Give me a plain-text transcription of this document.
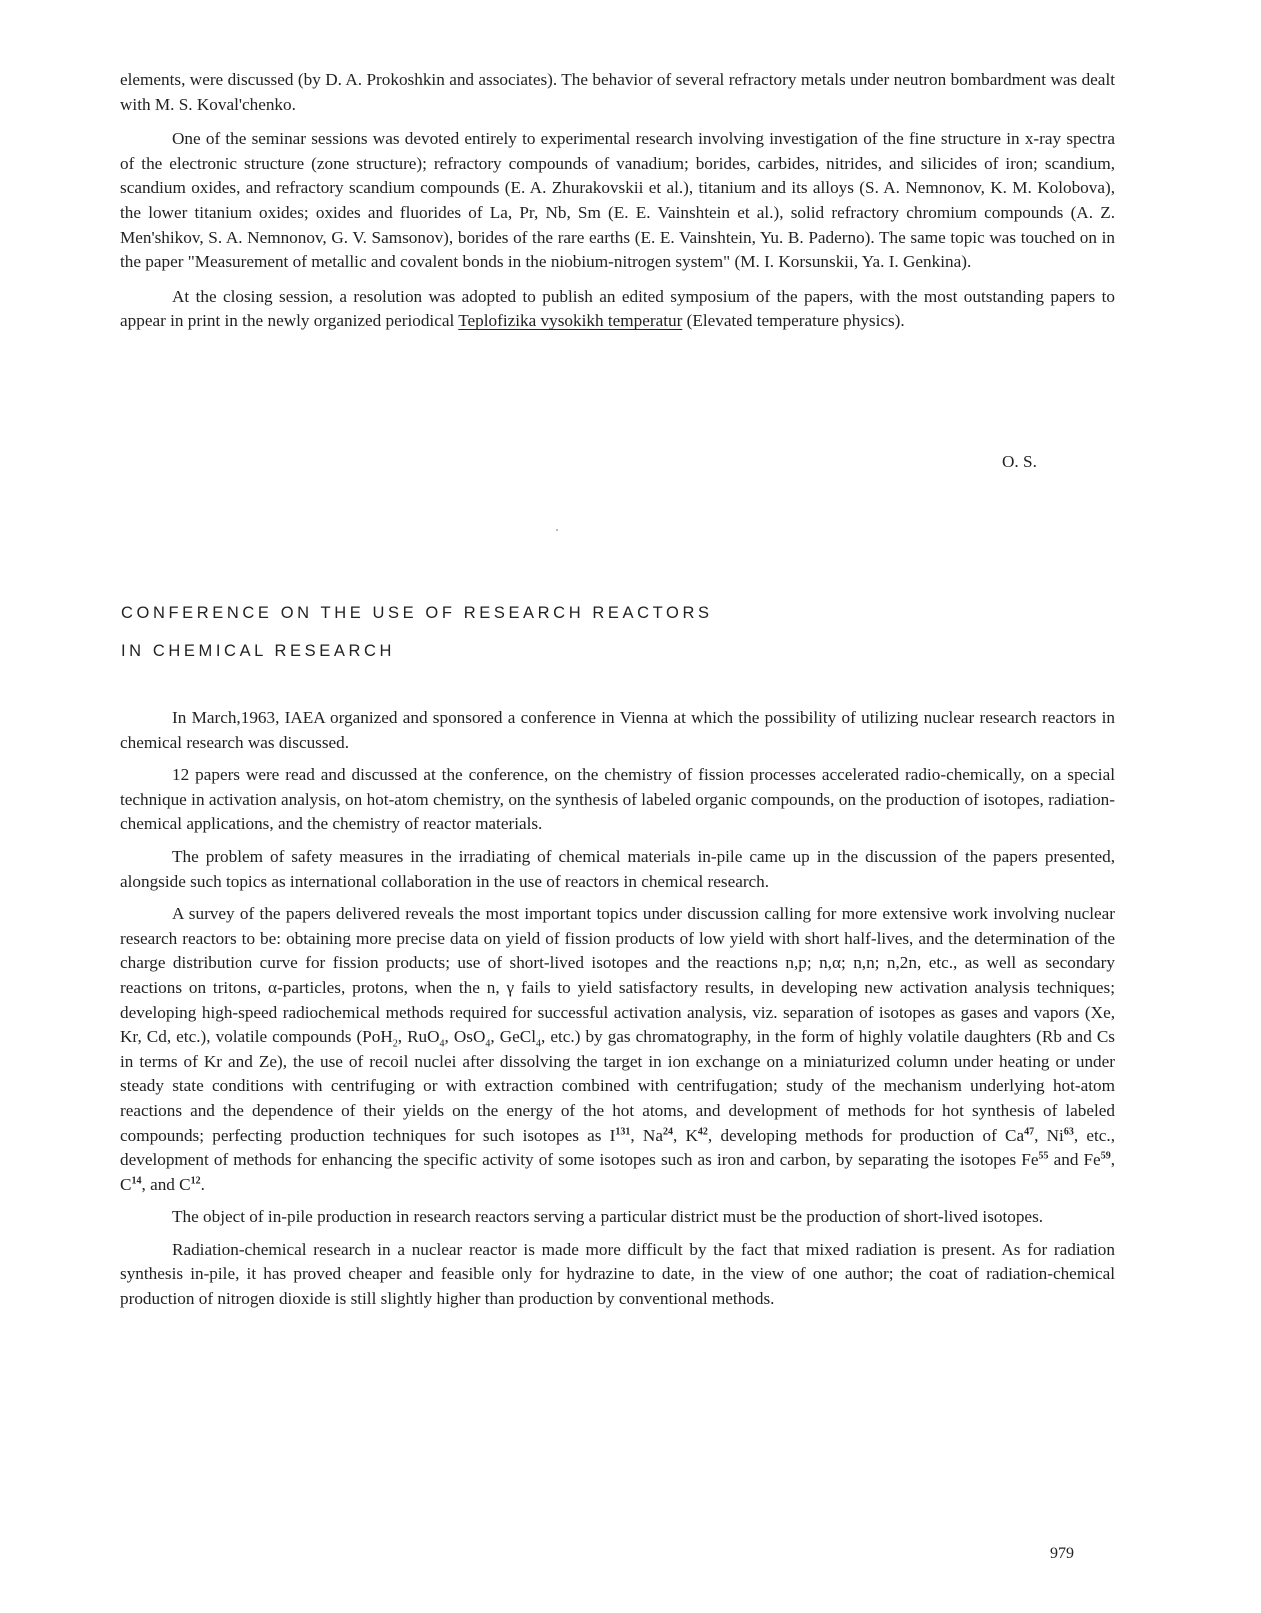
elements, were discussed (by D. A. Prokoshkin and associates). The behavior of several refractory metals under neutron bombardment was dealt with M. S. Koval'chenko.

One of the seminar sessions was devoted entirely to experimental research involving investigation of the fine structure in x-ray spectra of the electronic structure (zone structure); refractory compounds of vanadium; borides, carbides, nitrides, and silicides of iron; scandium, scandium oxides, and refractory scandium compounds (E. A. Zhurakovskii et al.), titanium and its alloys (S. A. Nemnonov, K. M. Kolobova), the lower titanium oxides; oxides and fluorides of La, Pr, Nb, Sm (E. E. Vainshtein et al.), solid refractory chromium compounds (A. Z. Men'shikov, S. A. Nemnonov, G. V. Samsonov), borides of the rare earths (E. E. Vainshtein, Yu. B. Paderno). The same topic was touched on in the paper "Measurement of metallic and covalent bonds in the niobium-nitrogen system" (M. I. Korsunskii, Ya. I. Genkina).

At the closing session, a resolution was adopted to publish an edited symposium of the papers, with the most outstanding papers to appear in print in the newly organized periodical Teplofizika vysokikh temperatur (Elevated temperature physics).

O. S.
CONFERENCE ON THE USE OF RESEARCH REACTORS
IN CHEMICAL RESEARCH

In March,1963, IAEA organized and sponsored a conference in Vienna at which the possibility of utilizing nuclear research reactors in chemical research was discussed.

12 papers were read and discussed at the conference, on the chemistry of fission processes accelerated radio-chemically, on a special technique in activation analysis, on hot-atom chemistry, on the synthesis of labeled organic compounds, on the production of isotopes, radiation-chemical applications, and the chemistry of reactor materials.

The problem of safety measures in the irradiating of chemical materials in-pile came up in the discussion of the papers presented, alongside such topics as international collaboration in the use of reactors in chemical research.

A survey of the papers delivered reveals the most important topics under discussion calling for more extensive work involving nuclear research reactors to be: obtaining more precise data on yield of fission products of low yield with short half-lives, and the determination of the charge distribution curve for fission products; use of short-lived isotopes and the reactions n,p; n,α; n,n; n,2n, etc., as well as secondary reactions on tritons, α-particles, protons, when the n, γ fails to yield satisfactory results, in developing new activation analysis techniques; developing high-speed radiochemical methods required for successful activation analysis, viz. separation of isotopes as gases and vapors (Xe, Kr, Cd, etc.), volatile compounds (PoH$_2$, RuO$_4$, OsO$_4$, GeCl$_4$, etc.) by gas chromatography, in the form of highly volatile daughters (Rb and Cs in terms of Kr and Ze), the use of recoil nuclei after dissolving the target in ion exchange on a miniaturized column under heating or under steady state conditions with centrifuging or with extraction combined with centrifugation; study of the mechanism underlying hot-atom reactions and the dependence of their yields on the energy of the hot atoms, and development of methods for hot synthesis of labeled compounds; perfecting production techniques for such isotopes as $I^{131}$, Na$^{24}$, $K^{42}$, developing methods for production of Ca$^{47}$, Ni$^{63}$, etc., development of methods for enhancing the specific activity of some isotopes such as iron and carbon, by separating the isotopes Fe$^{55}$ and Fe$^{59}$, $C^{14}$, and $C^{12}$.

The object of in-pile production in research reactors serving a particular district must be the production of short-lived isotopes.

Radiation-chemical research in a nuclear reactor is made more difficult by the fact that mixed radiation is present. As for radiation synthesis in-pile, it has proved cheaper and feasible only for hydrazine to date, in the view of one author; the coat of radiation-chemical production of nitrogen dioxide is still slightly higher than production by conventional methods.

979
